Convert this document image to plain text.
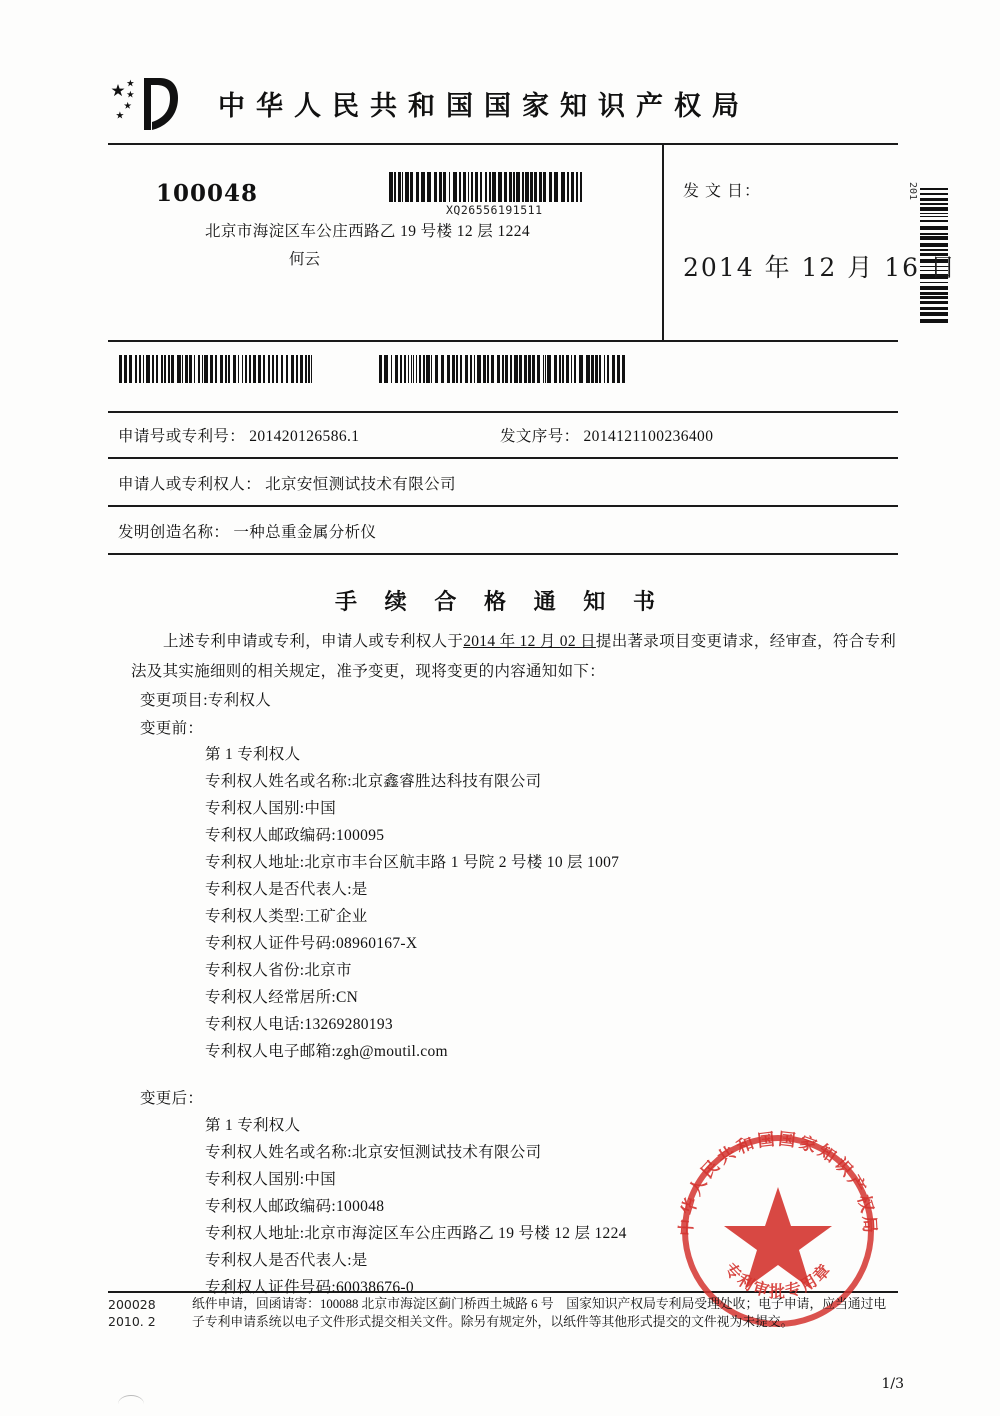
中华人民共和国国家知识产权局
100048
北京市海淀区车公庄西路乙 19 号楼 12 层 1224
何云
XQ26556191511
201
发 文 日：
2014 年 12 月 16 日
申请号或专利号： 201420126586.1	发文序号： 2014121100236400
申请人或专利权人： 北京安恒测试技术有限公司
发明创造名称： 一种总重金属分析仪
手 续 合 格 通 知 书
上述专利申请或专利，申请人或专利权人于2014 年 12 月 02 日提出著录项目变更请求，经审查，符合专利法及其实施细则的相关规定，准予变更，现将变更的内容通知如下：
变更项目:专利权人
变更前：
第 1 专利权人
专利权人姓名或名称:北京鑫睿胜达科技有限公司
专利权人国别:中国
专利权人邮政编码:100095
专利权人地址:北京市丰台区航丰路 1 号院 2 号楼 10 层 1007
专利权人是否代表人:是
专利权人类型:工矿企业
专利权人证件号码:08960167-X
专利权人省份:北京市
专利权人经常居所:CN
专利权人电话:13269280193
专利权人电子邮箱:zgh@moutil.com
变更后：
第 1 专利权人
专利权人姓名或名称:北京安恒测试技术有限公司
专利权人国别:中国
专利权人邮政编码:100048
专利权人地址:北京市海淀区车公庄西路乙 19 号楼 12 层 1224
专利权人是否代表人:是
专利权人证件号码:60038676-0
中华人民共和国国家知识产权局
专利审批专用章
200028
2010. 2
纸件申请，回函请寄：100088 北京市海淀区蓟门桥西土城路 6 号　国家知识产权局专利局受理处收；电子申请，应当通过电子专利申请系统以电子文件形式提交相关文件。除另有规定外，以纸件等其他形式提交的文件视为未提交。
1/3
